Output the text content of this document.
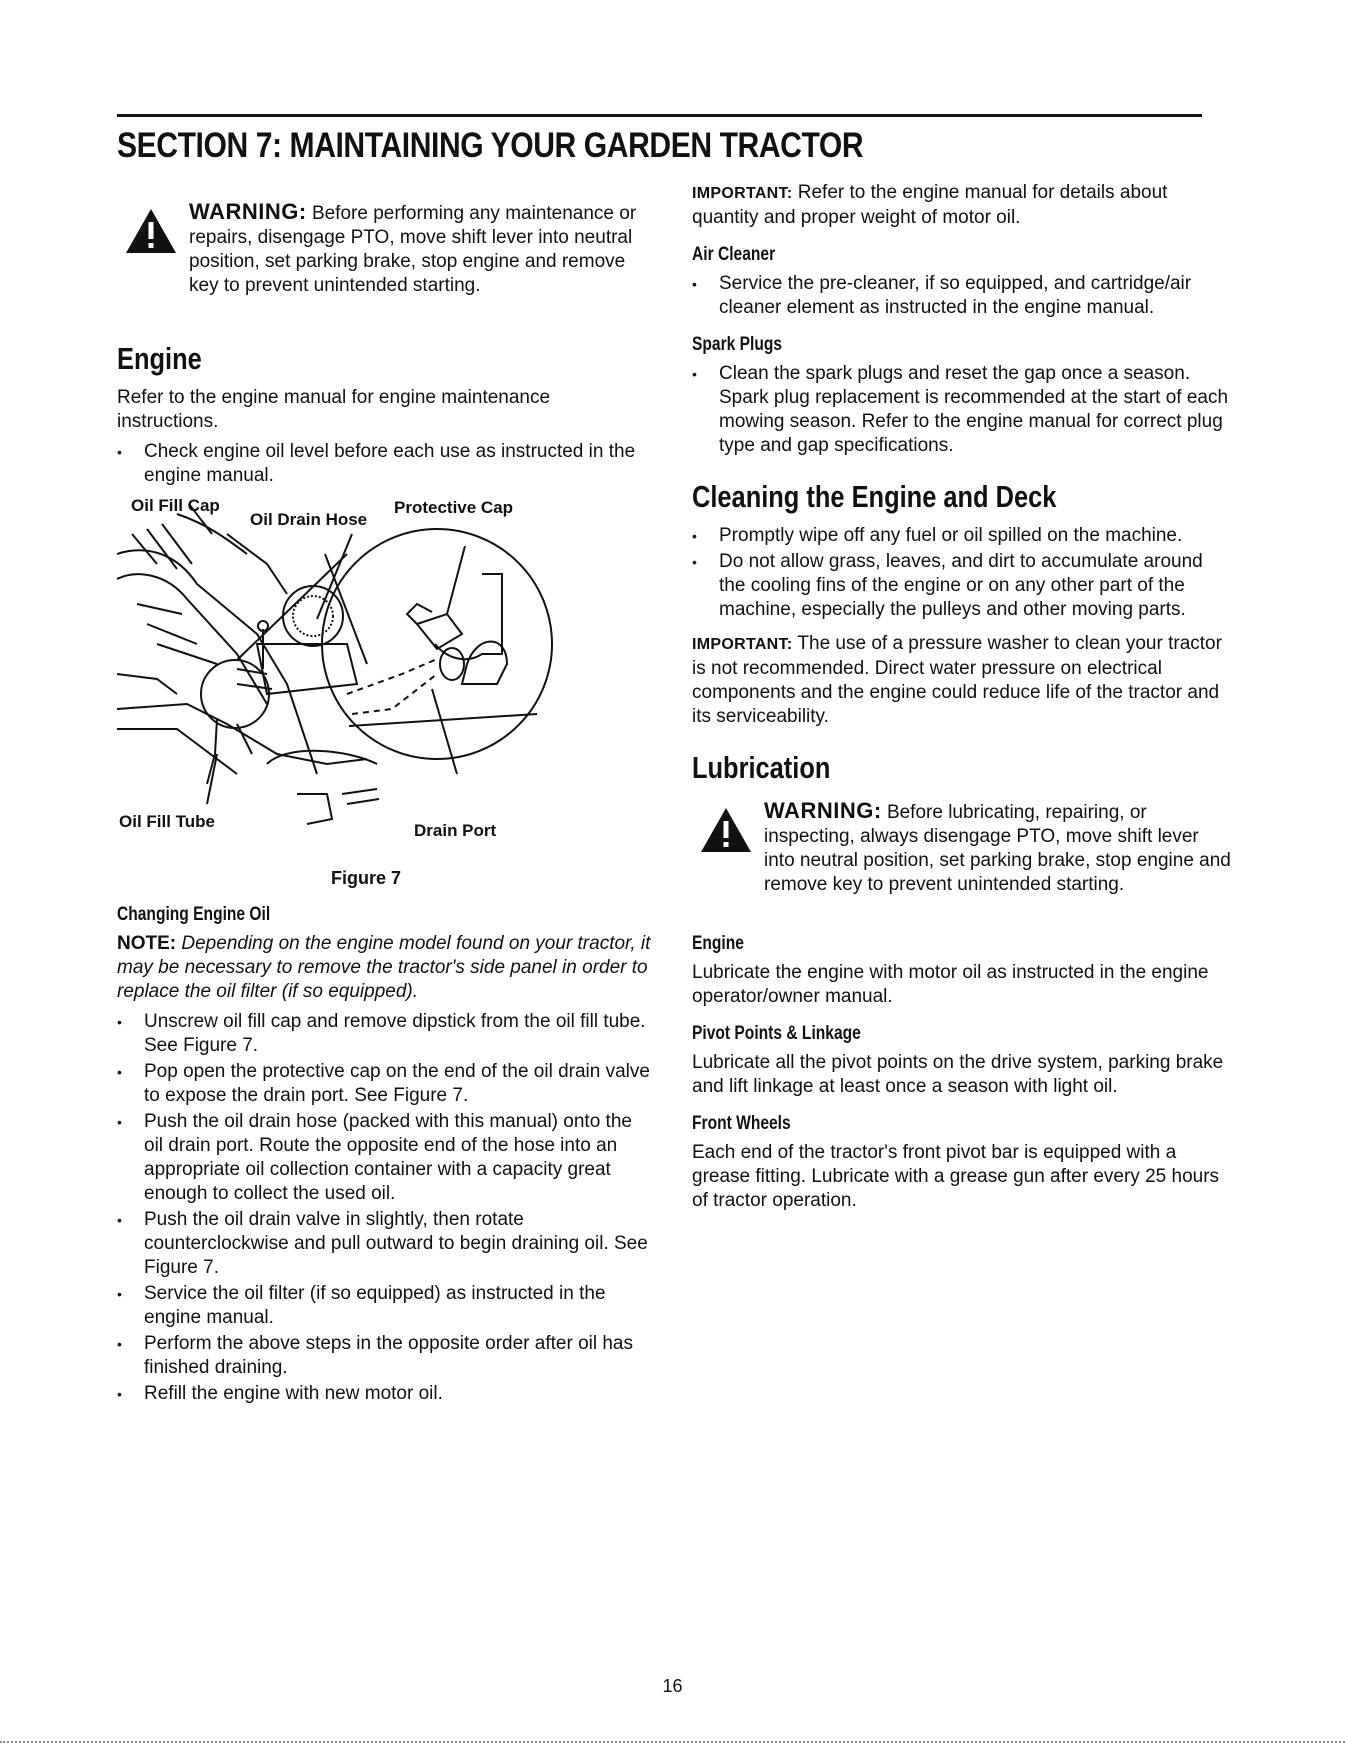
SECTION 7: MAINTAINING YOUR GARDEN TRACTOR
WARNING: Before performing any maintenance or repairs, disengage PTO, move shift lever into neutral position, set parking brake, stop engine and remove key to prevent unintended starting.
Engine

Refer to the engine manual for engine maintenance instructions.

• Check engine oil level before each use as instructed in the engine manual.
Oil Fill Cap
Oil Drain Hose
Protective Cap
Oil Fill Tube	Drain Port
Figure 7
Changing Engine Oil

NOTE: Depending on the engine model found on your tractor, it may be necessary to remove the tractor's side panel in order to replace the oil filter (if so equipped).

• Unscrew oil fill cap and remove dipstick from the oil fill tube. See Figure 7.
• Pop open the protective cap on the end of the oil drain valve to expose the drain port. See Figure 7.
• Push the oil drain hose (packed with this manual) onto the oil drain port. Route the opposite end of the hose into an appropriate oil collection container with a capacity great enough to collect the used oil.
• Push the oil drain valve in slightly, then rotate counterclockwise and pull outward to begin draining oil. See Figure 7.
• Service the oil filter (if so equipped) as instructed in the engine manual.
• Perform the above steps in the opposite order after oil has finished draining.
• Refill the engine with new motor oil.

IMPORTANT: Refer to the engine manual for details about quantity and proper weight of motor oil.

Air Cleaner
• Service the pre-cleaner, if so equipped, and cartridge/air cleaner element as instructed in the engine manual.
Spark Plugs
• Clean the spark plugs and reset the gap once a season. Spark plug replacement is recommended at the start of each mowing season. Refer to the engine manual for correct plug type and gap specifications.
Cleaning the Engine and Deck
• Promptly wipe off any fuel or oil spilled on the machine.
• Do not allow grass, leaves, and dirt to accumulate around the cooling fins of the engine or on any other part of the machine, especially the pulleys and other moving parts.

IMPORTANT: The use of a pressure washer to clean your tractor is not recommended. Direct water pressure on electrical components and the engine could reduce life of the tractor and its serviceability.

Lubrication
WARNING: Before lubricating, repairing, or inspecting, always disengage PTO, move shift lever into neutral position, set parking brake, stop engine and remove key to prevent unintended starting.
Engine

Lubricate the engine with motor oil as instructed in the engine operator/owner manual.

Pivot Points & Linkage

Lubricate all the pivot points on the drive system, parking brake and lift linkage at least once a season with light oil.

Front Wheels

Each end of the tractor's front pivot bar is equipped with a grease fitting. Lubricate with a grease gun after every 25 hours of tractor operation.

16
